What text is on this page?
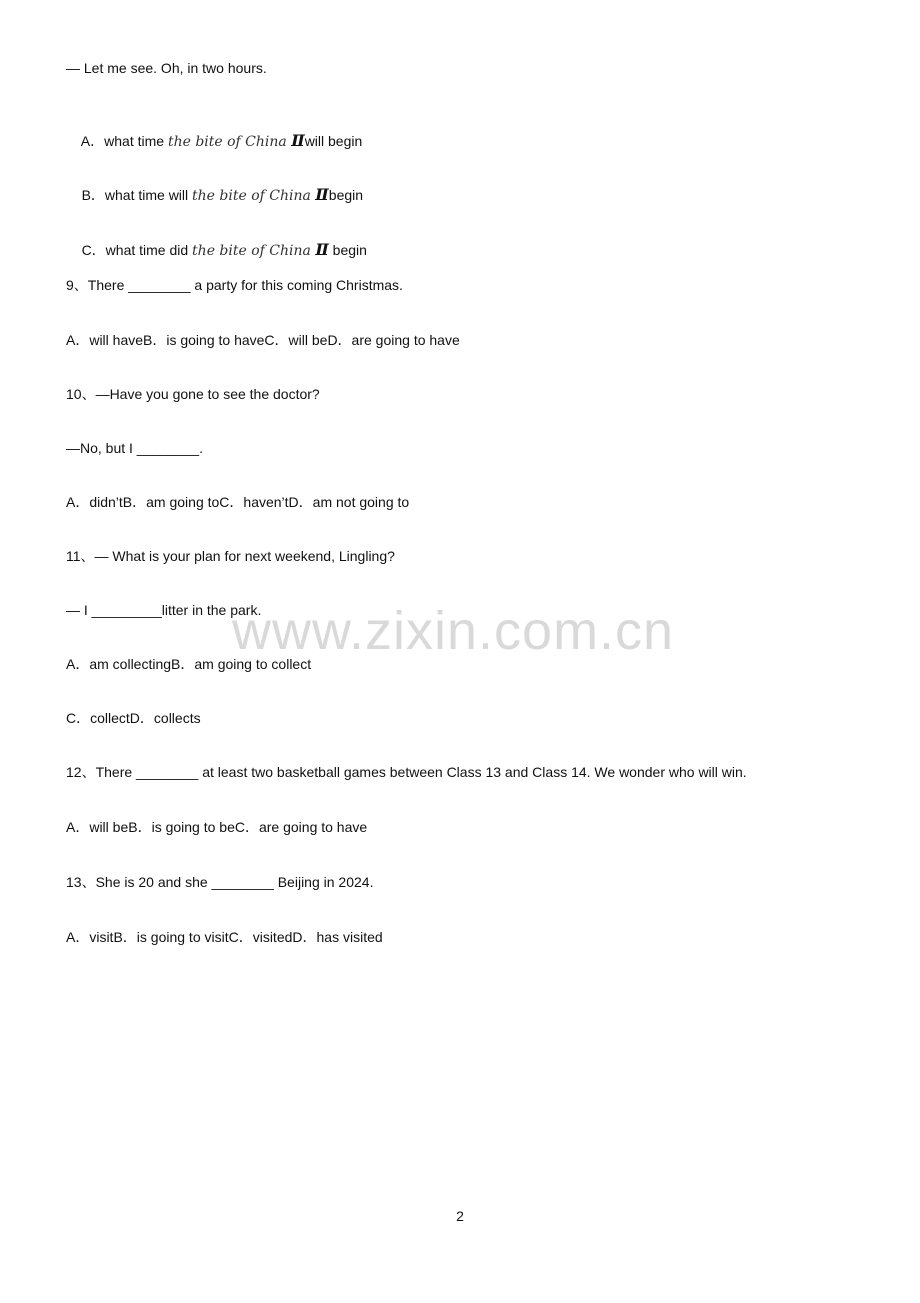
— Let me see. Oh, in two hours.

A．what time the bite of China Ⅱwill begin

B．what time will the bite of China Ⅱbegin

C．what time did the bite of China Ⅱ begin

9、There ________ a party for this coming Christmas.
A．will haveB．is going to haveC．will beD．are going to have
10、—Have you gone to see the doctor?
—No, but I ________.
A．didn’tB．am going toC．haven’tD．am not going to
11、— What is your plan for next weekend, Lingling?
— I _________litter in the park.
A．am collectingB．am going to collect
C．collectD．collects
12、There ________ at least two basketball games between Class 13 and Class 14. We wonder who will win.
A．will beB．is going to beC．are going to have
13、She is 20 and she ________ Beijing in 2024.
A．visitB．is going to visitC．visitedD．has visited
www.zixin.com.cn
2
